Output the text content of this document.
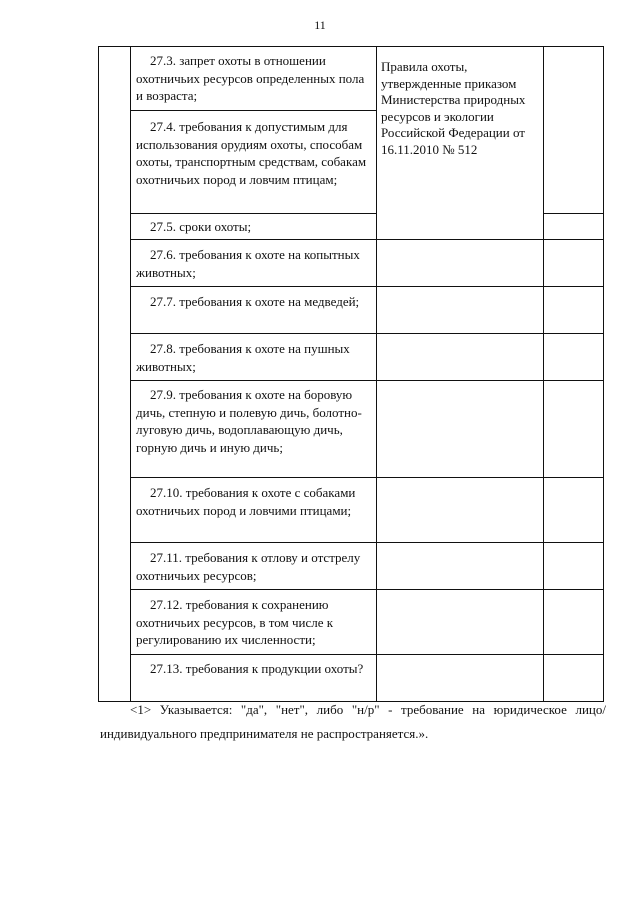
11
27.3. запрет охоты в отношении охотничьих ресурсов определенных пола и возраста;
27.4. требования к допустимым для использования орудиям охоты, способам охоты, транспортным средствам, собакам охотничьих пород и ловчим птицам;
27.5. сроки охоты;
27.6. требования к охоте на копытных животных;
27.7. требования к охоте на медведей;
27.8. требования к охоте на пушных животных;
27.9. требования к охоте на боровую дичь, степную и полевую дичь, болотно-луговую дичь, водоплавающую дичь, горную дичь и иную дичь;
27.10. требования к охоте с собаками охотничьих пород и ловчими птицами;
27.11. требования к отлову и отстрелу охотничьих ресурсов;
27.12. требования к сохранению охотничьих ресурсов, в том числе к регулированию их численности;
27.13. требования к продукции охоты?
Правила охоты, утвержденные приказом Министерства природных ресурсов и экологии Российской Федерации от 16.11.2010 № 512
<1> Указывается: "да", "нет", либо "н/р" - требование на юридическое лицо/индивидуального предпринимателя не распространяется.».
